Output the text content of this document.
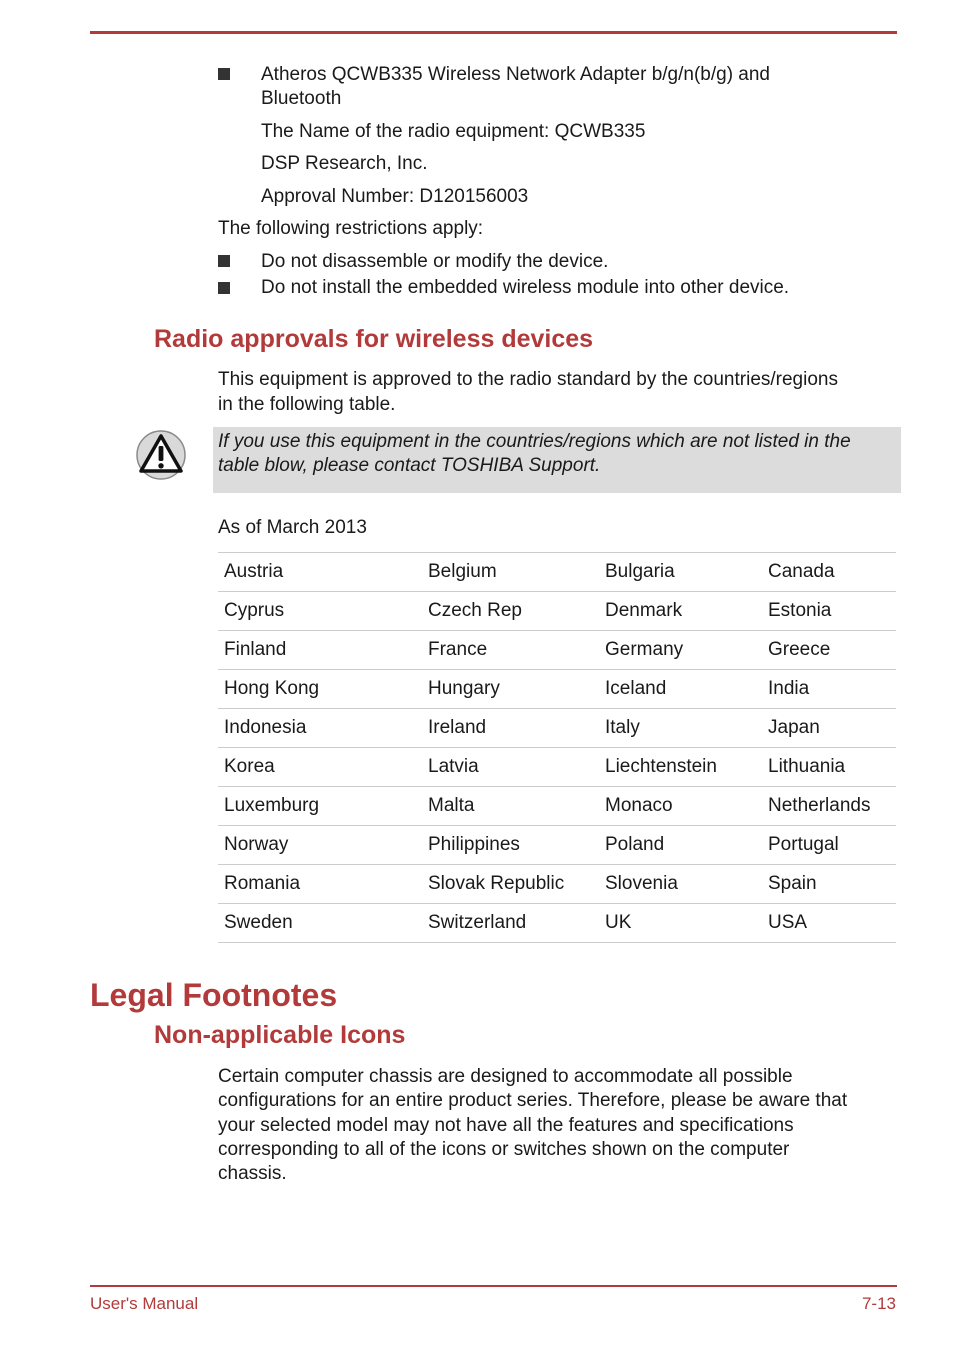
Atheros QCWB335 Wireless Network Adapter b/g/n(b/g) and

Bluetooth

The Name of the radio equipment: QCWB335

DSP Research, Inc.

Approval Number: D120156003

The following restrictions apply:

Do not disassemble or modify the device.

Do not install the embedded wireless module into other device.

Radio approvals for wireless devices

This equipment is approved to the radio standard by the countries/regions

in the following table.

If you use this equipment in the countries/regions which are not listed in the

table blow, please contact TOSHIBA Support.

As of March 2013

Austria	Belgium	Bulgaria	Canada
Cyprus	Czech Rep	Denmark	Estonia
Finland	France	Germany	Greece
Hong Kong	Hungary	Iceland	India
Indonesia	Ireland	Italy	Japan
Korea	Latvia	Liechtenstein	Lithuania
Luxemburg	Malta	Monaco	Netherlands
Norway	Philippines	Poland	Portugal
Romania	Slovak Republic	Slovenia	Spain
Sweden	Switzerland	UK	USA
Legal Footnotes
Non-applicable Icons

Certain computer chassis are designed to accommodate all possible

configurations for an entire product series. Therefore, please be aware that

your selected model may not have all the features and specifications

corresponding to all of the icons or switches shown on the computer

chassis.

User's Manual	7-13
